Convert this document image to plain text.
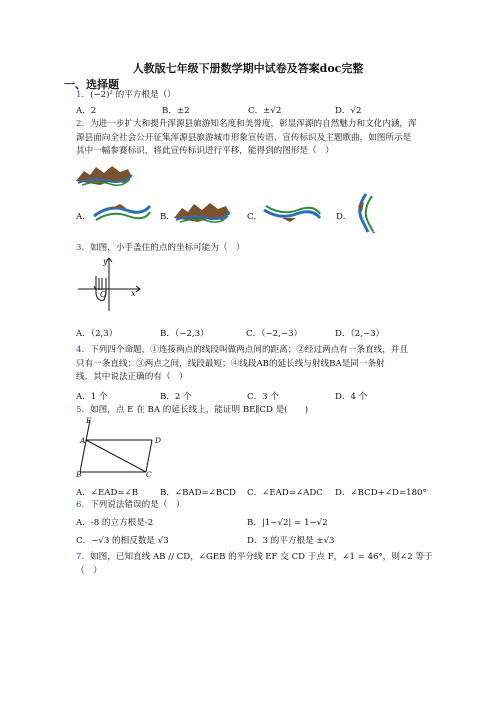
人教版七年级下册数学期中试卷及答案doc完整
一、选择题
1．(−2)² 的平方根是（）
A．2	B．±2	C．±√2	D．√2
2．为进一步扩大和提升浑源县旅游知名度和美誉度，彰显浑源的自然魅力和文化内涵，浑
源县面向全社会公开征集浑源县旅游城市形象宣传语、宣传标识及主题歌曲，如图所示是
其中一幅参赛标识，将此宣传标识进行平移，能得到的图形是（　）
A．	B．	C．	D．
3．如图，小手盖住的点的坐标可能为（　）
y
x
O
A．（2,3）	B．（−2,3）	C．（−2,−3）	D．（2,−3）
4．下列四个命题，①连接两点的线段叫做两点间的距离；②经过两点有一条直线，并且
只有一条直线；③两点之间，线段最短；④线段AB的延长线与射线BA是同一条射
线．其中说法正确的有（　）
A．1 个	B．2 个	C．3 个	D．4 个
5．如图，点 E 在 BA 的延长线上，能证明 BE∥CD 是(　　)
E
A	D
B	C
A．∠EAD=∠B	B．∠BAD=∠BCD C．∠EAD=∠ADC D．∠BCD+∠D=180°
6．下列说法错误的是（　）
A．-8 的立方根是-2	B．|1−√2| = 1−√2
C．−√3 的相反数是 √3	D．3 的平方根是 ±√3
7．如图，已知直线 AB // CD，∠GEB 的平分线 EF 交 CD 于点 F，∠1 = 46°，则∠2 等于
（　）
